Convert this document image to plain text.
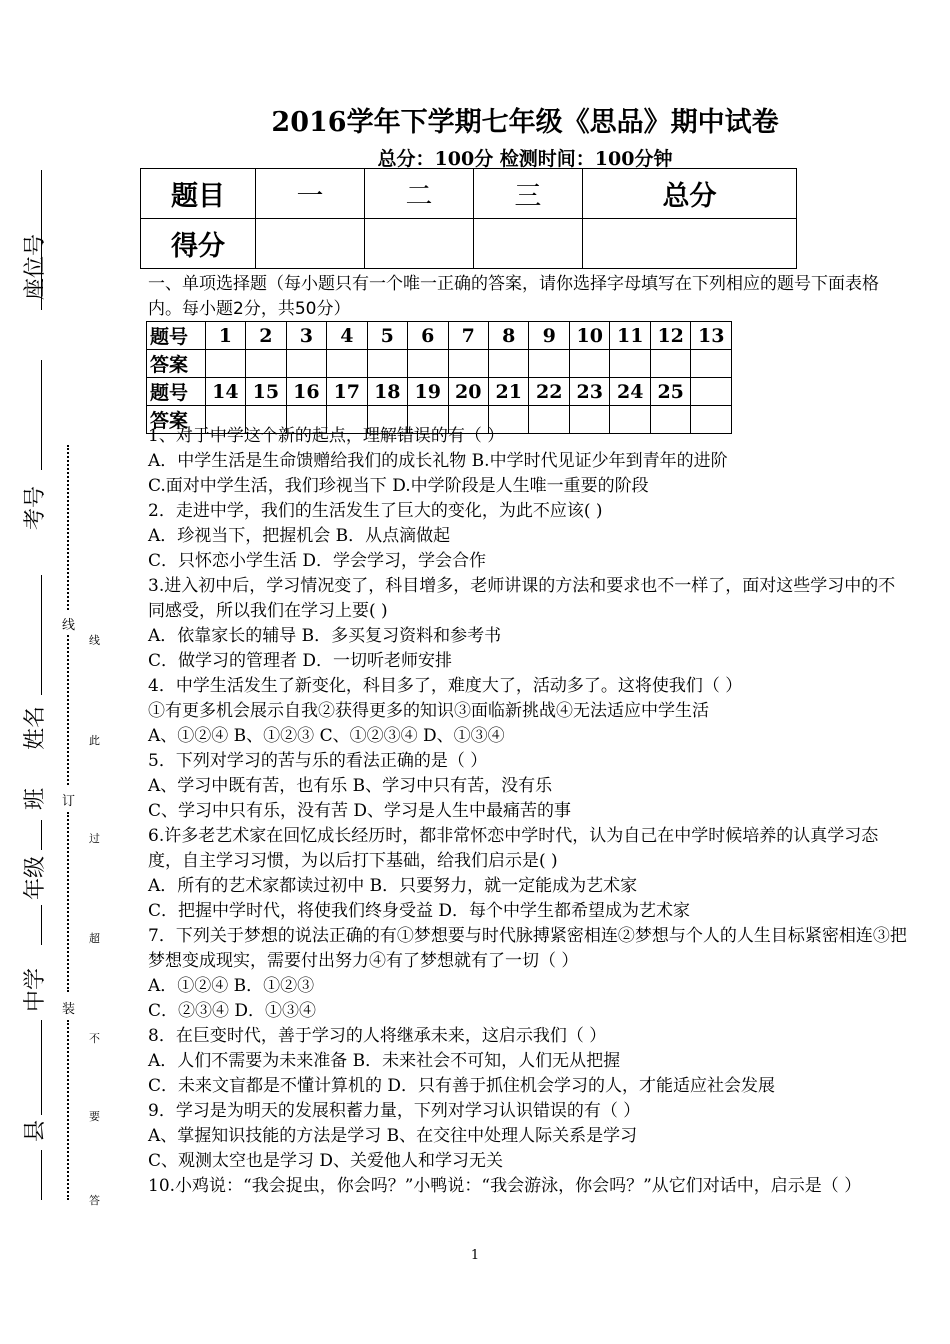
座位号
考号
姓名
班
年级
中学
县
线
订
装
线
此
过
超
不
要
答
2016学年下学期七年级《思品》期中试卷
总分：100分 检测时间：100分钟
题目	一	二	三	总分
得分				
一、单项选择题（每小题只有一个唯一正确的答案，请你选择字母填写在下列相应的题号下面表格内。每小题2分，共50分）
题号	1	2	3	4	5	6	7	8	9	10	11	12	13
答案													
题号	14	15	16	17	18	19	20	21	22	23	24	25	
答案													
1、对于中学这个新的起点，理解错误的有（ ）
A．中学生活是生命馈赠给我们的成长礼物 B.中学时代见证少年到青年的进阶
C.面对中学生活，我们珍视当下 D.中学阶段是人生唯一重要的阶段
2．走进中学，我们的生活发生了巨大的变化，为此不应该( )
A．珍视当下，把握机会 B．从点滴做起
C．只怀恋小学生活 D．学会学习，学会合作
3.进入初中后，学习情况变了，科目增多，老师讲课的方法和要求也不一样了，面对这些学习中的不同感受，所以我们在学习上要( )
A．依靠家长的辅导 B．多买复习资料和参考书
C．做学习的管理者 D．一切听老师安排
4．中学生活发生了新变化，科目多了，难度大了，活动多了。这将使我们（ ）
①有更多机会展示自我②获得更多的知识③面临新挑战④无法适应中学生活
A、①②④ B、①②③ C、①②③④ D、①③④
5．下列对学习的苦与乐的看法正确的是（ ）
A、学习中既有苦，也有乐 B、学习中只有苦，没有乐
C、学习中只有乐，没有苦 D、学习是人生中最痛苦的事
6.许多老艺术家在回忆成长经历时，都非常怀恋中学时代，认为自己在中学时候培养的认真学习态度，自主学习习惯，为以后打下基础，给我们启示是( )
A．所有的艺术家都读过初中 B．只要努力，就一定能成为艺术家
C．把握中学时代，将使我们终身受益 D．每个中学生都希望成为艺术家
7．下列关于梦想的说法正确的有①梦想要与时代脉搏紧密相连②梦想与个人的人生目标紧密相连③把梦想变成现实，需要付出努力④有了梦想就有了一切（ ）
A．①②④ B．①②③
C．②③④ D．①③④
8．在巨变时代，善于学习的人将继承未来，这启示我们（ ）
A．人们不需要为未来准备 B．未来社会不可知，人们无从把握
C．未来文盲都是不懂计算机的 D．只有善于抓住机会学习的人，才能适应社会发展
9．学习是为明天的发展积蓄力量，下列对学习认识错误的有（ ）
A、掌握知识技能的方法是学习 B、在交往中处理人际关系是学习
C、观测太空也是学习 D、关爱他人和学习无关
10.小鸡说：“我会捉虫，你会吗？”小鸭说：“我会游泳，你会吗？”从它们对话中，启示是（ ）
1
